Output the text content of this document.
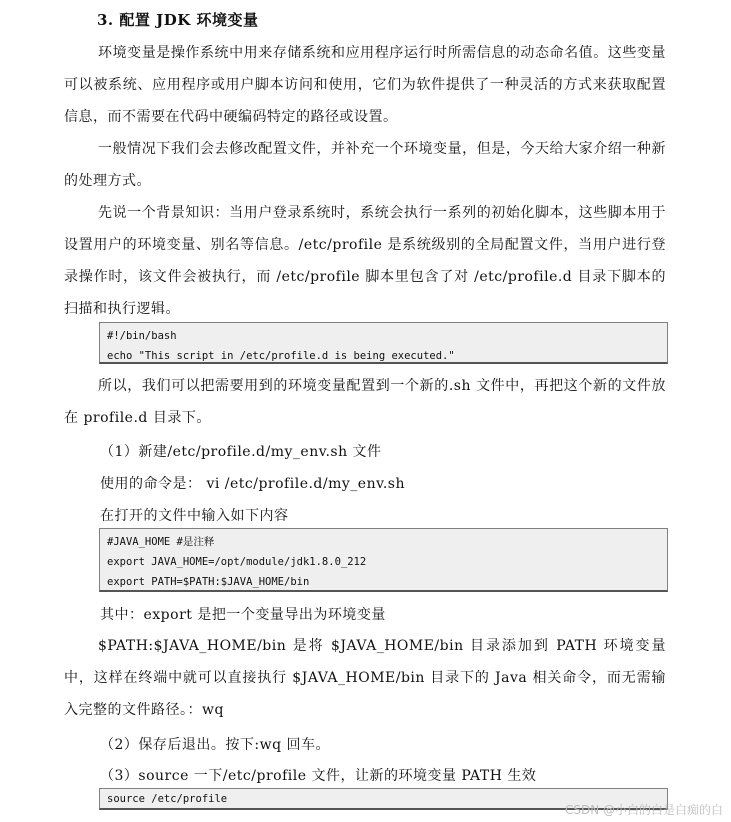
3. 配置 JDK 环境变量

环境变量是操作系统中用来存储系统和应用程序运行时所需信息的动态命名值。这些变量可以被系统、应用程序或用户脚本访问和使用，它们为软件提供了一种灵活的方式来获取配置信息，而不需要在代码中硬编码特定的路径或设置。

一般情况下我们会去修改配置文件，并补充一个环境变量，但是，今天给大家介绍一种新的处理方式。

先说一个背景知识：当用户登录系统时，系统会执行一系列的初始化脚本，这些脚本用于设置用户的环境变量、别名等信息。/etc/profile 是系统级别的全局配置文件，当用户进行登录操作时，该文件会被执行，而 /etc/profile 脚本里包含了对 /etc/profile.d 目录下脚本的扫描和执行逻辑。

#!/bin/bash
echo "This script in /etc/profile.d is being executed."

所以，我们可以把需要用到的环境变量配置到一个新的.sh 文件中，再把这个新的文件放在 profile.d 目录下。

（1）新建/etc/profile.d/my_env.sh 文件
使用的命令是： vi /etc/profile.d/my_env.sh
在打开的文件中输入如下内容
#JAVA_HOME #是注释
export JAVA_HOME=/opt/module/jdk1.8.0_212
export PATH=$PATH:$JAVA_HOME/bin
其中：export 是把一个变量导出为环境变量

$PATH:$JAVA_HOME/bin 是将 $JAVA_HOME/bin 目录添加到 PATH 环境变量中，这样在终端中就可以直接执行 $JAVA_HOME/bin 目录下的 Java 相关命令，而无需输入完整的文件路径。：wq

（2）保存后退出。按下:wq 回车。
（3）source 一下/etc/profile 文件，让新的环境变量 PATH 生效
source /etc/profile
CSDN @小白的白是白痴的白
